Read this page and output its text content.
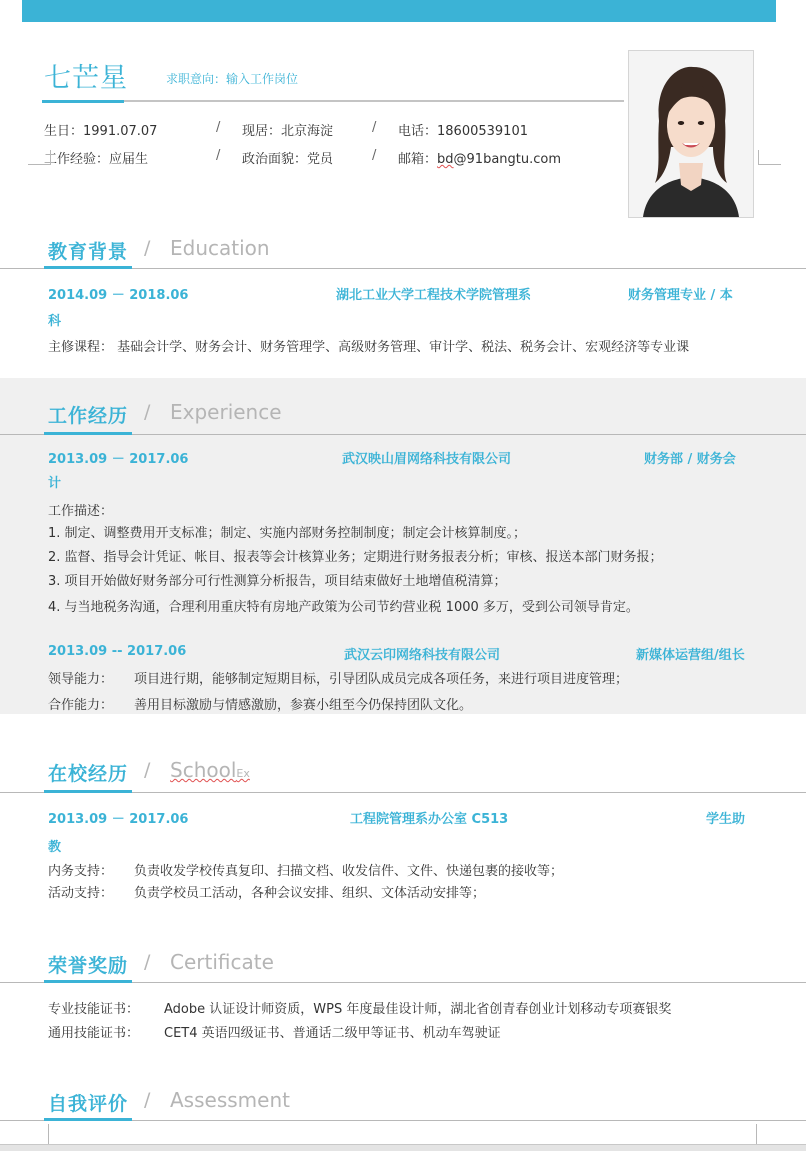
七芒星	求职意向：输入工作岗位
生日：1991.07.07	/ 现居：北京海淀	/ 电话：18600539101
工作经验：应届生	/ 政治面貌：党员	/ 邮箱：bd@91bangtu.com
教育背景 / Education
2014.09 － 2018.06	湖北工业大学工程技术学院管理系	财务管理专业 / 本
科
主修课程： 基础会计学、财务会计、财务管理学、高级财务管理、审计学、税法、税务会计、宏观经济等专业课
工作经历 / Experience
2013.09 － 2017.06	武汉映山眉网络科技有限公司	财务部 / 财务会
计
工作描述：
1. 制定、调整费用开支标准；制定、实施内部财务控制制度；制定会计核算制度。；
2. 监督、指导会计凭证、帐目、报表等会计核算业务；定期进行财务报表分析；审核、报送本部门财务报；
3. 项目开始做好财务部分可行性测算分析报告，项目结束做好土地增值税清算；
4. 与当地税务沟通，合理利用重庆特有房地产政策为公司节约营业税 1000 多万，受到公司领导肯定。
2013.09 -- 2017.06	武汉云印网络科技有限公司	新媒体运营组/组长
领导能力： 项目进行期，能够制定短期目标，引导团队成员完成各项任务，来进行项目进度管理；
合作能力： 善用目标激励与情感激励，参赛小组至今仍保持团队文化。
在校经历 / SchoolEx
2013.09 － 2017.06	工程院管理系办公室 C513	学生助
教
内务支持： 负责收发学校传真复印、扫描文档、收发信件、文件、快递包裹的接收等；
活动支持： 负责学校员工活动，各种会议安排、组织、文体活动安排等；
荣誉奖励 / Certificate
专业技能证书： Adobe 认证设计师资质，WPS 年度最佳设计师，湖北省创青春创业计划移动专项赛银奖
通用技能证书： CET4 英语四级证书、普通话二级甲等证书、机动车驾驶证
自我评价 / Assessment
